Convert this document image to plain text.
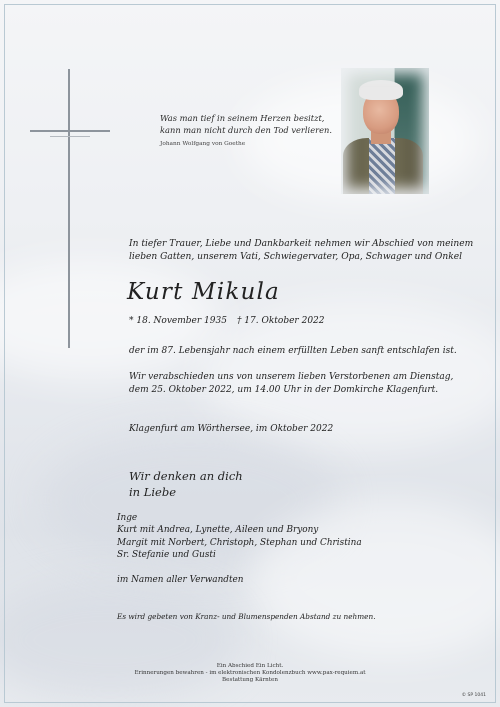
Was man tief in seinem Herzen besitzt,
kann man nicht durch den Tod verlieren.
Johann Wolfgang von Goethe
In tiefer Trauer, Liebe und Dankbarkeit nehmen wir Abschied von meinem
lieben Gatten, unserem Vati, Schwiegervater, Opa, Schwager und Onkel
Kurt Mikula
* 18. November 1935 † 17. Oktober 2022
der im 87. Lebensjahr nach einem erfüllten Leben sanft entschlafen ist.
Wir verabschieden uns von unserem lieben Verstorbenen am Dienstag,
dem 25. Oktober 2022, um 14.00 Uhr in der Domkirche Klagenfurt.
Klagenfurt am Wörthersee, im Oktober 2022
Wir denken an dich
in Liebe
Inge
Kurt mit Andrea, Lynette, Aileen und Bryony
Margit mit Norbert, Christoph, Stephan und Christina
Sr. Stefanie und Gusti
im Namen aller Verwandten
Es wird gebeten von Kranz- und Blumenspenden Abstand zu nehmen.
Ein Abschied Ein Licht.
Erinnerungen bewahren - im elektronischen Kondolenzbuch www.pax-requiem.at
Bestattung Kärnten
© SP 1041
